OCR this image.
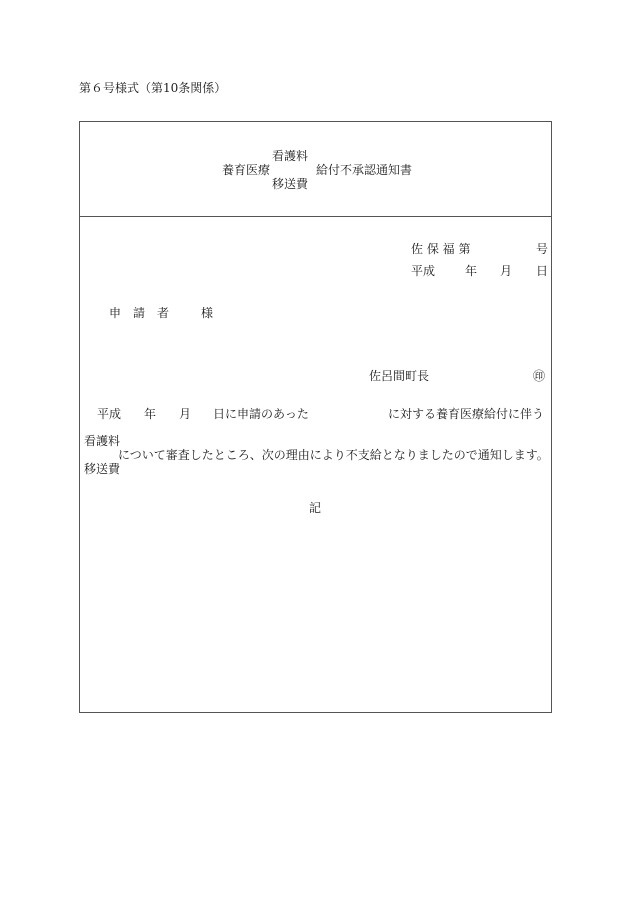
第６号様式（第10条関係）
養育医療
看護料
移送費
給付不承認通知書
佐 保 福 第	号
平成 年 月 日
申　請　者	様
佐呂間町長	㊞
平成 年 月 日に申請のあった	に対する養育医療給付に伴う
看護料
について審査したところ、次の理由により不支給となりましたので通知します。
移送費
記
